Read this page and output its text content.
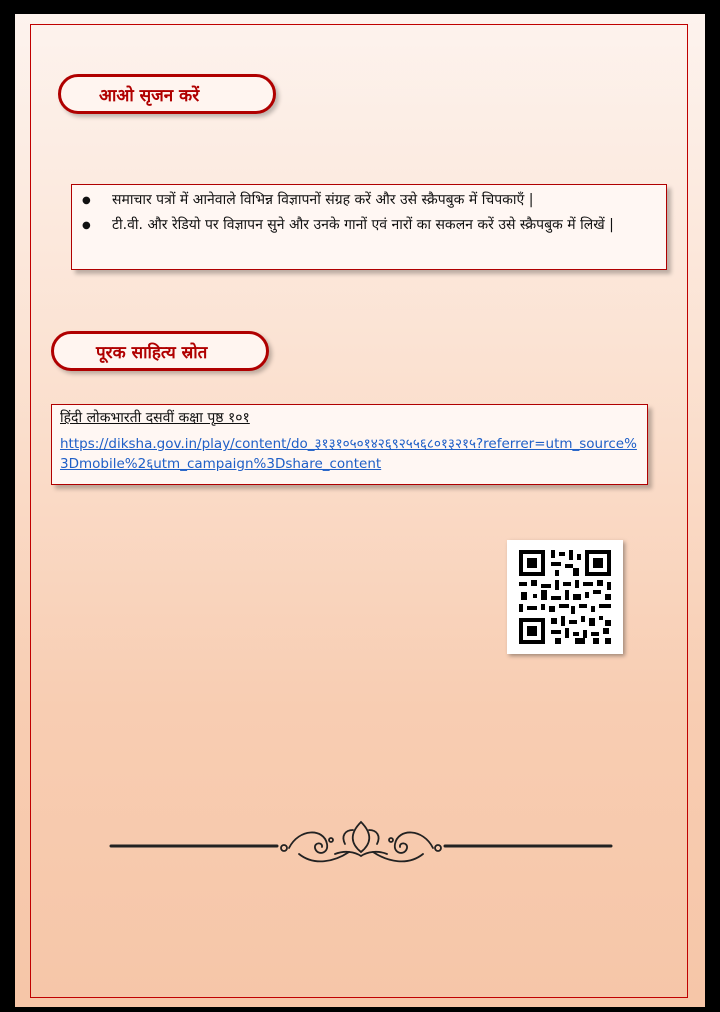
आओ सृजन करें
● समाचार पत्रों में आनेवाले विभिन्न विज्ञापनों संग्रह करें और उसे स्क्रैपबुक में चिपकाएँ |
● टी.वी. और रेडियो पर विज्ञापन सुने और उनके गानों एवं नारों का सकलन करें उसे स्क्रैपबुक में लिखें |
पूरक साहित्य स्रोत
हिंदी लोकभारती दसवीं कक्षा पृष्ठ १०१
https://diksha.gov.in/play/content/do_३१३१०५०१४२६९२५५६८०१३२१५?referrer=utm_source%3Dmobile%2६utm_campaign%3Dshare_content
